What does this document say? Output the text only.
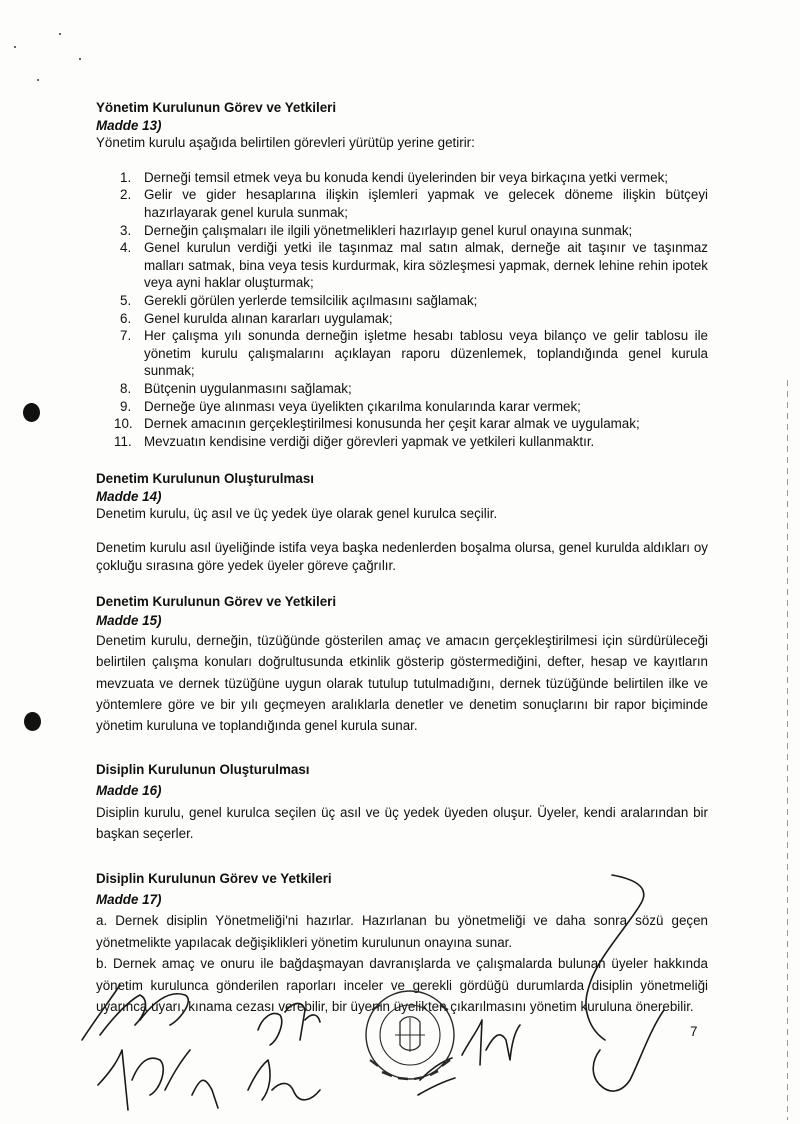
Yönetim Kurulunun Görev ve Yetkileri

Madde 13)

Yönetim kurulu aşağıda belirtilen görevleri yürütüp yerine getirir:

1. Derneği temsil etmek veya bu konuda kendi üyelerinden bir veya birkaçına yetki vermek;
2. Gelir ve gider hesaplarına ilişkin işlemleri yapmak ve gelecek döneme ilişkin bütçeyi hazırlayarak genel kurula sunmak;
3. Derneğin çalışmaları ile ilgili yönetmelikleri hazırlayıp genel kurul onayına sunmak;
4. Genel kurulun verdiği yetki ile taşınmaz mal satın almak, derneğe ait taşınır ve taşınmaz malları satmak, bina veya tesis kurdurmak, kira sözleşmesi yapmak, dernek lehine rehin ipotek veya ayni haklar oluşturmak;
5. Gerekli görülen yerlerde temsilcilik açılmasını sağlamak;
6. Genel kurulda alınan kararları uygulamak;
7. Her çalışma yılı sonunda derneğin işletme hesabı tablosu veya bilanço ve gelir tablosu ile yönetim kurulu çalışmalarını açıklayan raporu düzenlemek, toplandığında genel kurula sunmak;
8. Bütçenin uygulanmasını sağlamak;
9. Derneğe üye alınması veya üyelikten çıkarılma konularında karar vermek;
10. Dernek amacının gerçekleştirilmesi konusunda her çeşit karar almak ve uygulamak;
11. Mevzuatın kendisine verdiği diğer görevleri yapmak ve yetkileri kullanmaktır.

Denetim Kurulunun Oluşturulması

Madde 14)

Denetim kurulu, üç asıl ve üç yedek üye olarak genel kurulca seçilir.

Denetim kurulu asıl üyeliğinde istifa veya başka nedenlerden boşalma olursa, genel kurulda aldıkları oy çokluğu sırasına göre yedek üyeler göreve çağrılır.

Denetim Kurulunun Görev ve Yetkileri

Madde 15)

Denetim kurulu, derneğin, tüzüğünde gösterilen amaç ve amacın gerçekleştirilmesi için sürdürüleceği belirtilen çalışma konuları doğrultusunda etkinlik gösterip göstermediğini, defter, hesap ve kayıtların mevzuata ve dernek tüzüğüne uygun olarak tutulup tutulmadığını, dernek tüzüğünde belirtilen ilke ve yöntemlere göre ve bir yılı geçmeyen aralıklarla denetler ve denetim sonuçlarını bir rapor biçiminde yönetim kuruluna ve toplandığında genel kurula sunar.

Disiplin Kurulunun Oluşturulması

Madde 16)

Disiplin kurulu, genel kurulca seçilen üç asıl ve üç yedek üyeden oluşur. Üyeler, kendi aralarından bir başkan seçerler.

Disiplin Kurulunun Görev ve Yetkileri

Madde 17)

a. Dernek disiplin Yönetmeliği'ni hazırlar. Hazırlanan bu yönetmeliği ve daha sonra sözü geçen yönetmelikte yapılacak değişiklikleri yönetim kurulunun onayına sunar.

b. Dernek amaç ve onuru ile bağdaşmayan davranışlarda ve çalışmalarda bulunan üyeler hakkında yönetim kurulunca gönderilen raporları inceler ve gerekli gördüğü durumlarda disiplin yönetmeliği uyarınca uyarı, kınama cezası verebilir, bir üyenin üyelikten çıkarılmasını yönetim kuruluna önerebilir.

7
